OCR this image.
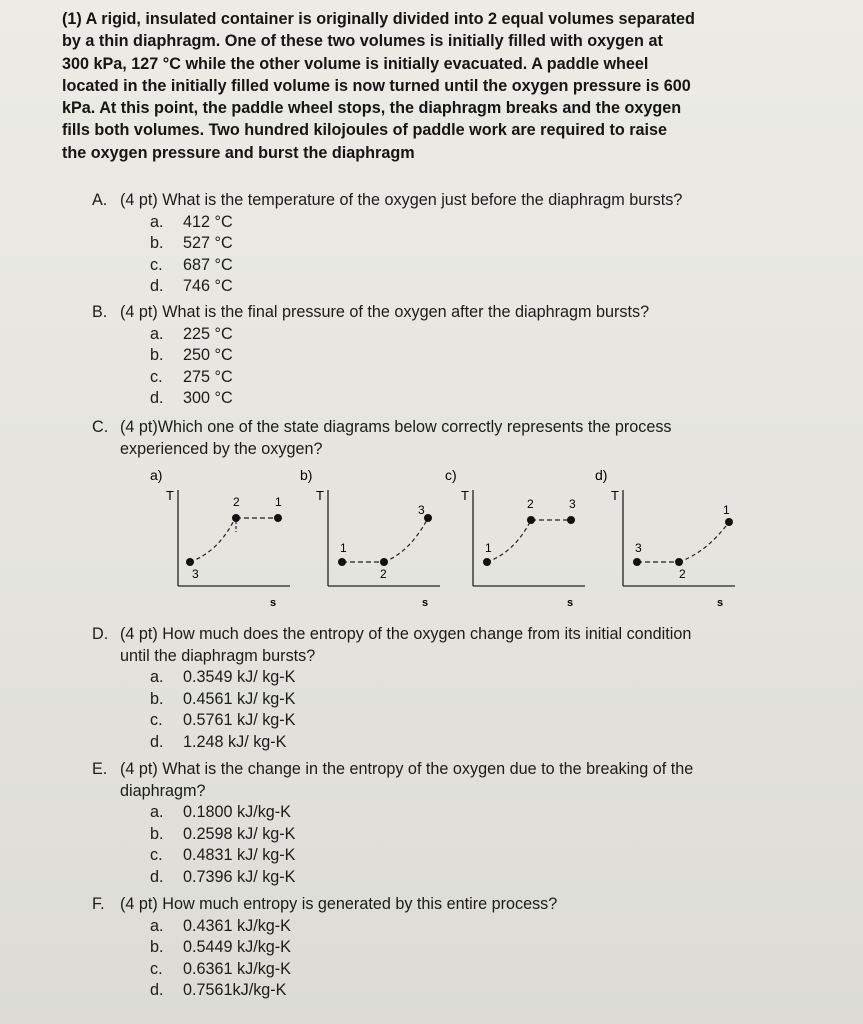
(1) A rigid, insulated container is originally divided into 2 equal volumes separated
by a thin diaphragm. One of these two volumes is initially filled with oxygen at
300 kPa, 127 °C while the other volume is initially evacuated. A paddle wheel
located in the initially filled volume is now turned until the oxygen pressure is 600
kPa. At this point, the paddle wheel stops, the diaphragm breaks and the oxygen
fills both volumes. Two hundred kilojoules of paddle work are required to raise
the oxygen pressure and burst the diaphragm
A. (4 pt) What is the temperature of the oxygen just before the diaphragm bursts?
a. 412 °C
b. 527 °C
c. 687 °C
d. 746 °C
B. (4 pt) What is the final pressure of the oxygen after the diaphragm bursts?
a. 225 °C
b. 250 °C
c. 275 °C
d. 300 °C
C. (4 pt)Which one of the state diagrams below correctly represents the process
experienced by the oxygen?
a)
T
s
3
2	1
b)
T
s
1
2
3
c)
T
s
1
2	3
d)
T
s
3
2
1
D. (4 pt) How much does the entropy of the oxygen change from its initial condition
until the diaphragm bursts?
a. 0.3549 kJ/ kg-K
b. 0.4561 kJ/ kg-K
c. 0.5761 kJ/ kg-K
d. 1.248 kJ/ kg-K
E. (4 pt) What is the change in the entropy of the oxygen due to the breaking of the
diaphragm?
a. 0.1800 kJ/kg-K
b. 0.2598 kJ/ kg-K
c. 0.4831 kJ/ kg-K
d. 0.7396 kJ/ kg-K
F. (4 pt) How much entropy is generated by this entire process?
a. 0.4361 kJ/kg-K
b. 0.5449 kJ/kg-K
c. 0.6361 kJ/kg-K
d. 0.7561kJ/kg-K
